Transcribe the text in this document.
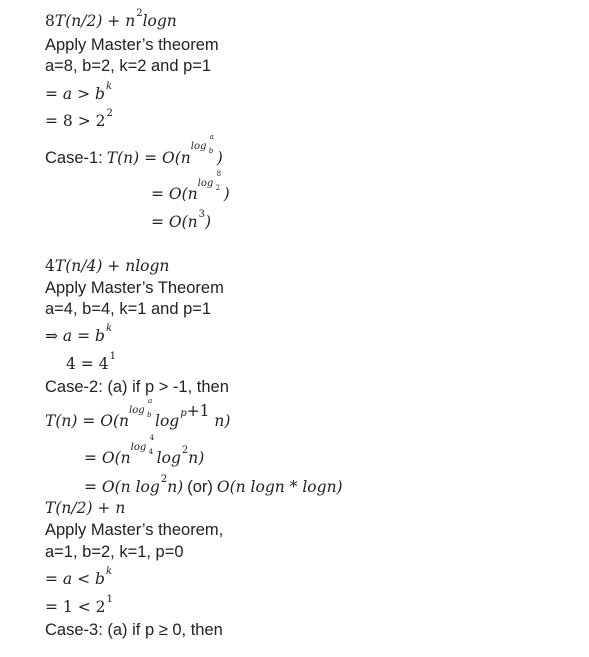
$8T(n/2) + n^2\log n$
Apply Master’s theorem
a=8, b=2, k=2 and p=1
= $a > b^k$
= $8 > 2^2$
Case-1: T(n) = O(n
log
a
b )
= O(n
log
8
2 )
= $O(n^3)$
4T(n/4) + nlogn
Apply Master’s Theorem
a=4, b=4, k=1 and p=1
⇒ $a = b^k$
$4 = 4^1$
Case-2: (a) if p > -1, then
T(n) = O(n
log
a
b $\log^{p+1} n$)
= O(n
log
4
4 $\log^2n$)
= O(n $\log^2n$) (or) O(n logn * logn)
T(n/2) + n
Apply Master’s theorem,
a=1, b=2, k=1, p=0
= $a < b^k$
= $1 < 2^1$
Case-3: (a) if p ≥ 0, then
